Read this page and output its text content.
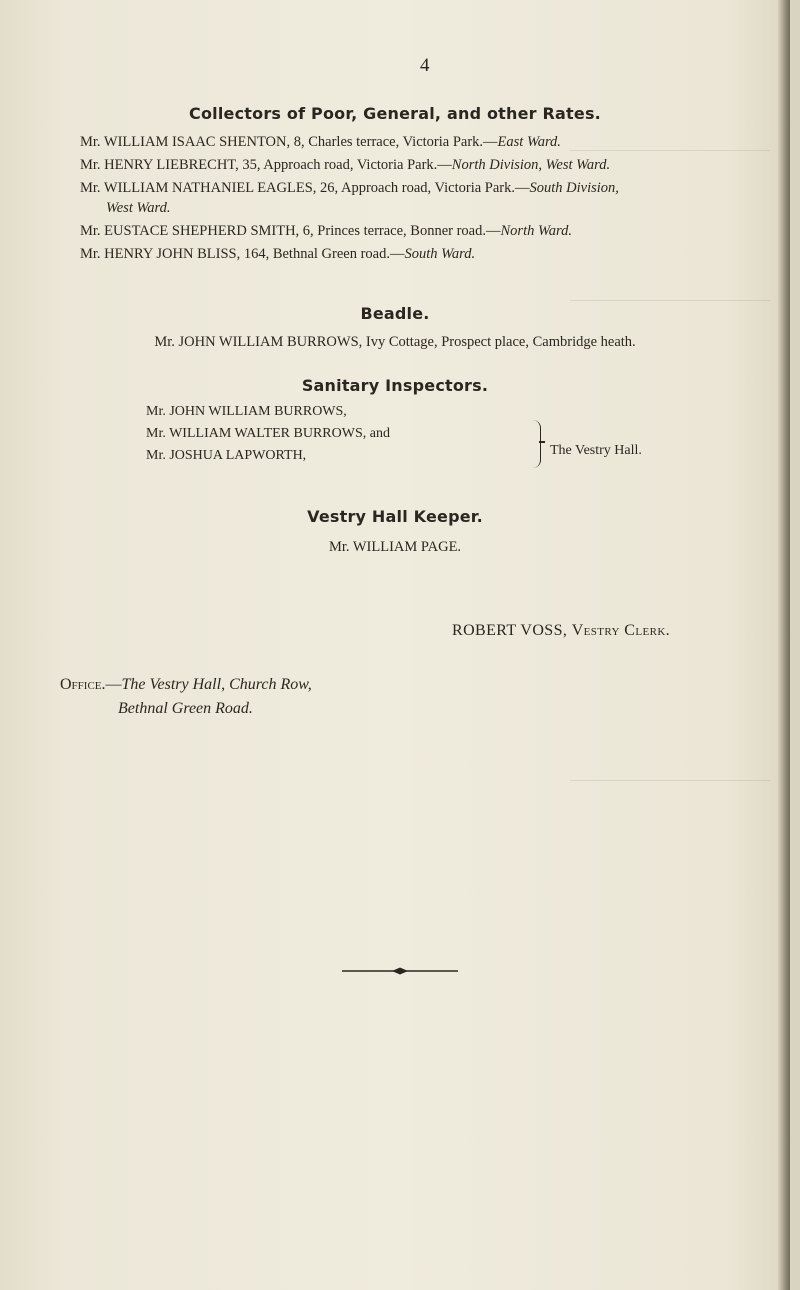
4
Collectors of Poor, General, and other Rates.
Mr. WILLIAM ISAAC SHENTON, 8, Charles terrace, Victoria Park.—East Ward.
Mr. HENRY LIEBRECHT, 35, Approach road, Victoria Park.—North Division, West Ward.
Mr. WILLIAM NATHANIEL EAGLES, 26, Approach road, Victoria Park.—South Division,
West Ward.
Mr. EUSTACE SHEPHERD SMITH, 6, Princes terrace, Bonner road.—North Ward.
Mr. HENRY JOHN BLISS, 164, Bethnal Green road.—South Ward.
Beadle.
Mr. JOHN WILLIAM BURROWS, Ivy Cottage, Prospect place, Cambridge heath.
Sanitary Inspectors.
Mr. JOHN WILLIAM BURROWS,
Mr. WILLIAM WALTER BURROWS, and
Mr. JOSHUA LAPWORTH,	The Vestry Hall.
Vestry Hall Keeper.
Mr. WILLIAM PAGE.
ROBERT VOSS, Vestry Clerk.
Office.—The Vestry Hall, Church Row,
Bethnal Green Road.
